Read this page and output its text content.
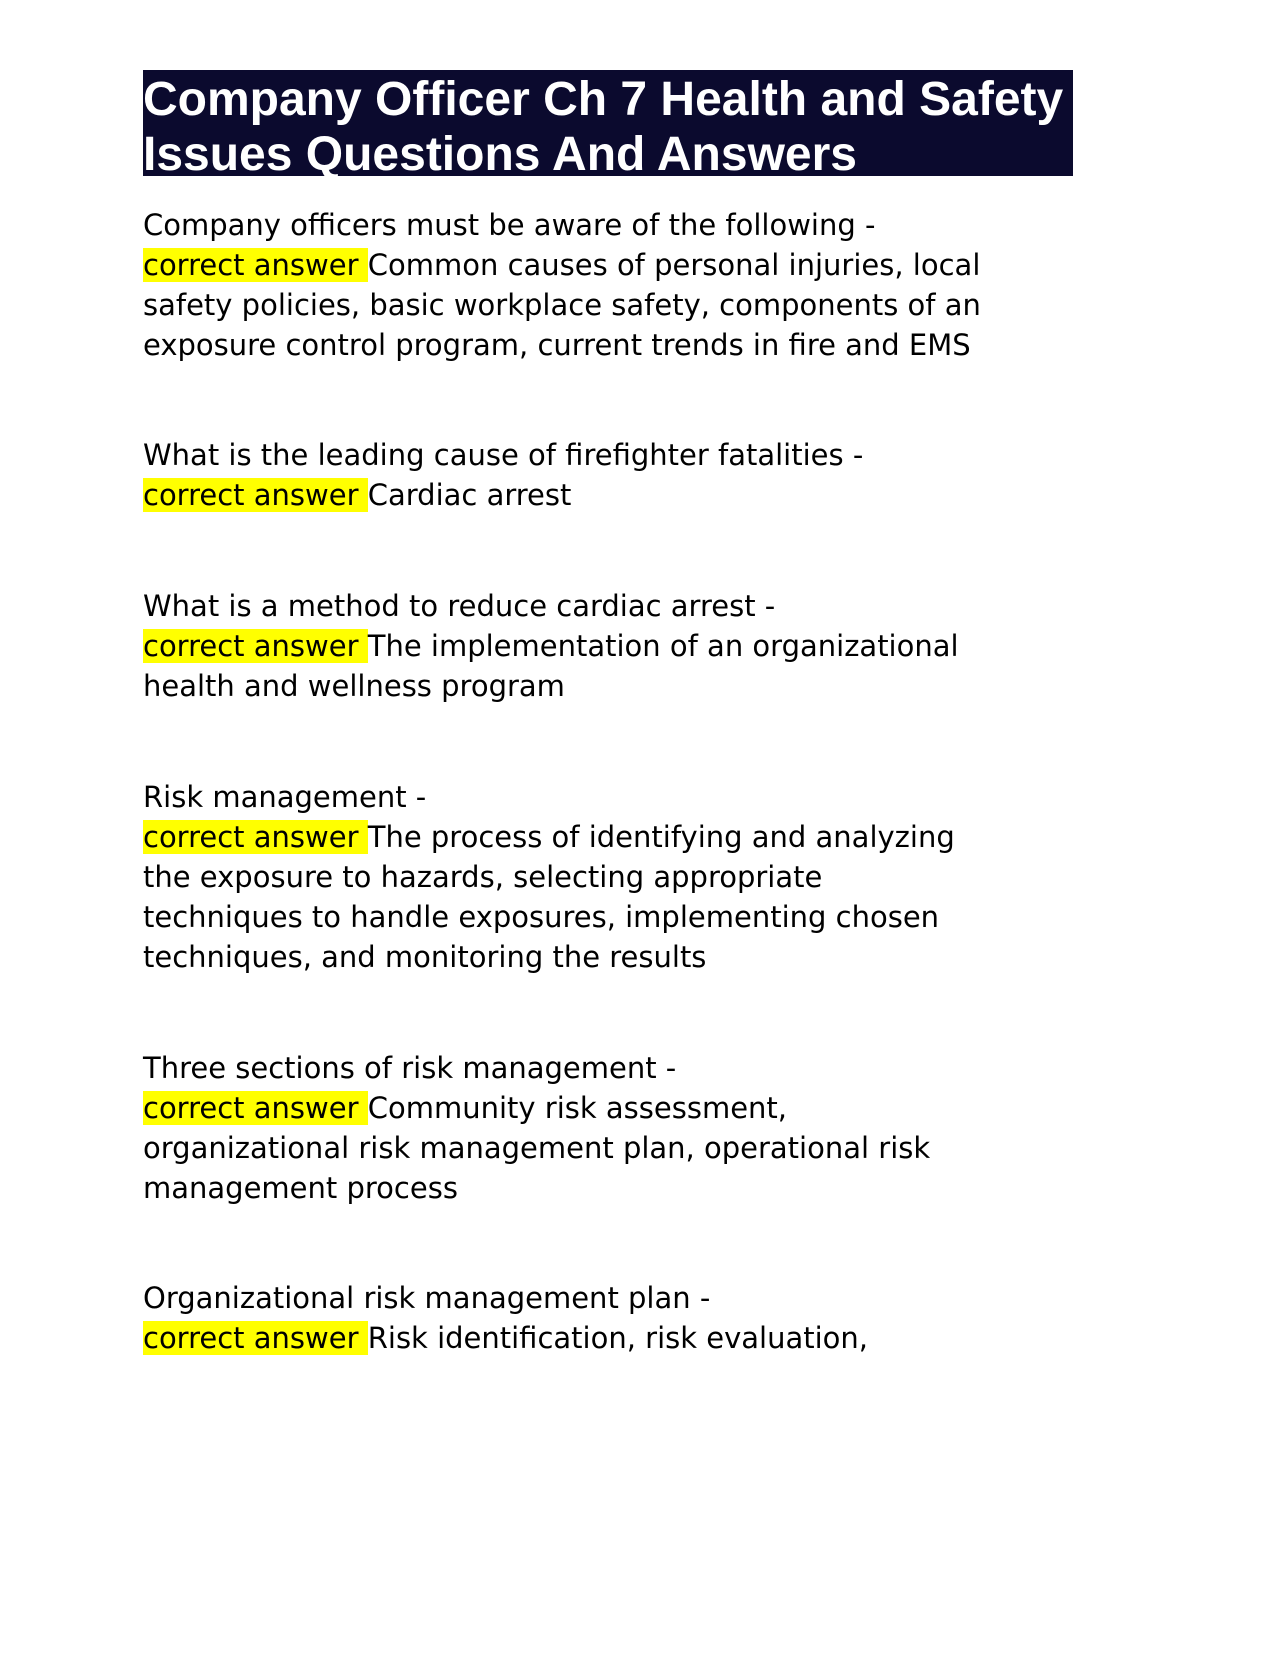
Company Officer Ch 7 Health and Safety
Issues Questions And Answers

Company officers must be aware of the following -

correct answer Common causes of personal injuries, local

safety policies, basic workplace safety, components of an

exposure control program, current trends in fire and EMS

What is the leading cause of firefighter fatalities -

correct answer Cardiac arrest

What is a method to reduce cardiac arrest -

correct answer The implementation of an organizational

health and wellness program

Risk management -

correct answer The process of identifying and analyzing

the exposure to hazards, selecting appropriate

techniques to handle exposures, implementing chosen

techniques, and monitoring the results

Three sections of risk management -

correct answer Community risk assessment,

organizational risk management plan, operational risk

management process

Organizational risk management plan -

correct answer Risk identification, risk evaluation,
